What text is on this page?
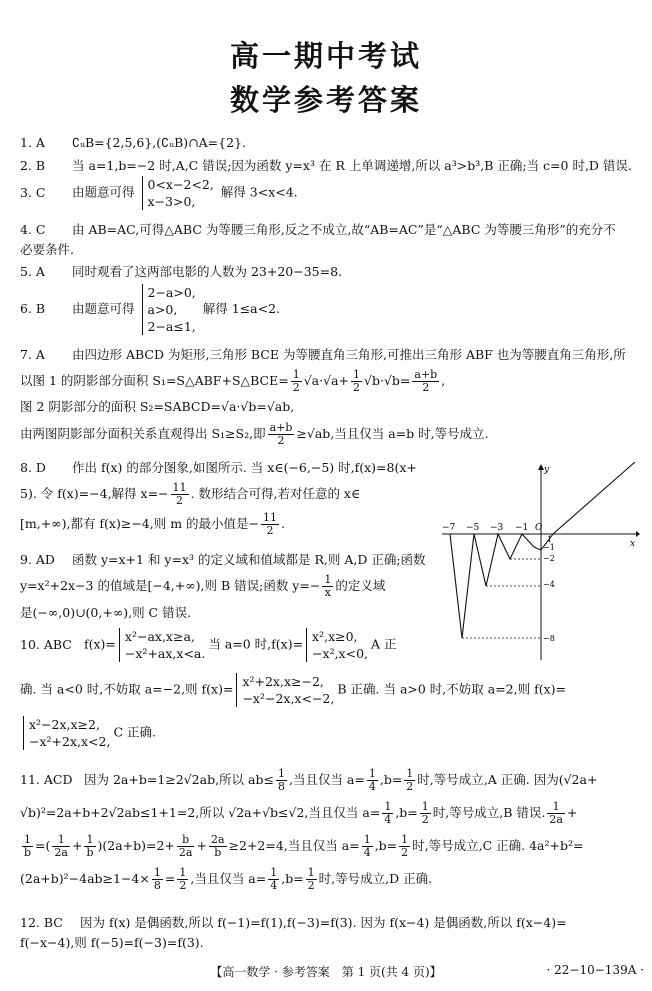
高一期中考试
数学参考答案
1. A ∁ᵤB={2,5,6},(∁ᵤB)∩A={2}.
2. B 当 a=1,b=−2 时,A,C 错误;因为函数 y=x³ 在 R 上单调递增,所以 a³>b³,B 正确;当 c=0 时,D 错误.
3. C 由题意可得 0<x−2<2,
x−3>0,
解得 3<x<4.
4. C 由 AB=AC,可得△ABC 为等腰三角形,反之不成立,故“AB=AC”是“△ABC 为等腰三角形”的充分不
必要条件.
5. A 同时观看了这两部电影的人数为 23+20−35=8.
6. B 由题意可得
2−a>0,
a>0,
2−a≤1,
解得 1≤a<2.
7. A 由四边形 ABCD 为矩形,三角形 BCE 为等腰直角三角形,可推出三角形 ABF 也为等腰直角三角形,所
以图 1 的阴影部分面积 S₁=S△ABF+S△BCE= $\frac{1}{2} √a\cdot√a+ \frac{1}{2} √b\cdot√b= \frac{a+b}{2}$ ,
图 2 阴影部分的面积 S₂=SABCD=√a·√b=√ab,
由两图阴影部分面积关系直观得出 S₁≥S₂,即 $\frac{a+b}{2} \ge√ab$,当且仅当 a=b 时,等号成立.
8. D 作出 f(x) 的部分图象,如图所示. 当 x∈(−6,−5) 时,f(x)=8(x+
5). 令 f(x)=−4,解得 $x=- \frac{11}{2}$ . 数形结合可得,若对任意的 x∈
[m,+∞),都有 f(x)≥−4,则 m 的最小值是− $\frac{11}{2}$ .
y
x
−7 −5 −3 −1 O
1
−1
−2
−4
−8
9. AD 函数 y=x+1 和 y=x³ 的定义域和值域都是 R,则 A,D 正确;函数
y=x²+2x−3 的值域是[−4,+∞),则 B 错误;函数 $y=- \frac{1}{x}$ 的定义域
是(−∞,0)∪(0,+∞),则 C 错误.
10. ABC f(x)= x²−ax,x≥a,
−x²+ax,x<a.
当 a=0 时,f(x)= x²,x≥0,
−x²,x<0,
A 正
确. 当 a<0 时,不妨取 a=−2,则 f(x)= x²+2x,x≥−2,
−x²−2x,x<−2,
B 正确. 当 a>0 时,不妨取 a=2,则 f(x)=
x²−2x,x≥2,
−x²+2x,x<2,
C 正确.
11. ACD 因为 2a+b=1≥2√2ab,所以 $ab\le \frac{1}{8}$ ,当且仅当 $a= \frac{1}{4} ,b= \frac{1}{2}$ 时,等号成立,A 正确. 因为(√2a+
√b)²=2a+b+2√2ab≤1+1=2,所以 √2a+√b≤√2,当且仅当 $a= \frac{1}{4} ,b= \frac{1}{2}$ 时,等号成立,B 错误. $\frac{1}{2a}$ +
$\frac{1}{b}$ =( $\frac{1}{2a} + \frac{1}{b} )(2a+b)=2+ \frac{b}{2a} + \frac{2a}{b} \ge 2+2=4$,当且仅当 $a= \frac{1}{4} ,b= \frac{1}{2}$ 时,等号成立,C 正确. 4a²+b²=
$(2a+b)^2-4ab\ge 1-4\times \frac{1}{8} = \frac{1}{2}$ ,当且仅当 $a= \frac{1}{4} ,b= \frac{1}{2}$ 时,等号成立,D 正确.
12. BC 因为 f(x) 是偶函数,所以 f(−1)=f(1),f(−3)=f(3). 因为 f(x−4) 是偶函数,所以 f(x−4)=
f(−x−4),则 f(−5)=f(−3)=f(3).
【高一数学 · 参考答案　第 1 页(共 4 页)】	· 22−10−139A ·
